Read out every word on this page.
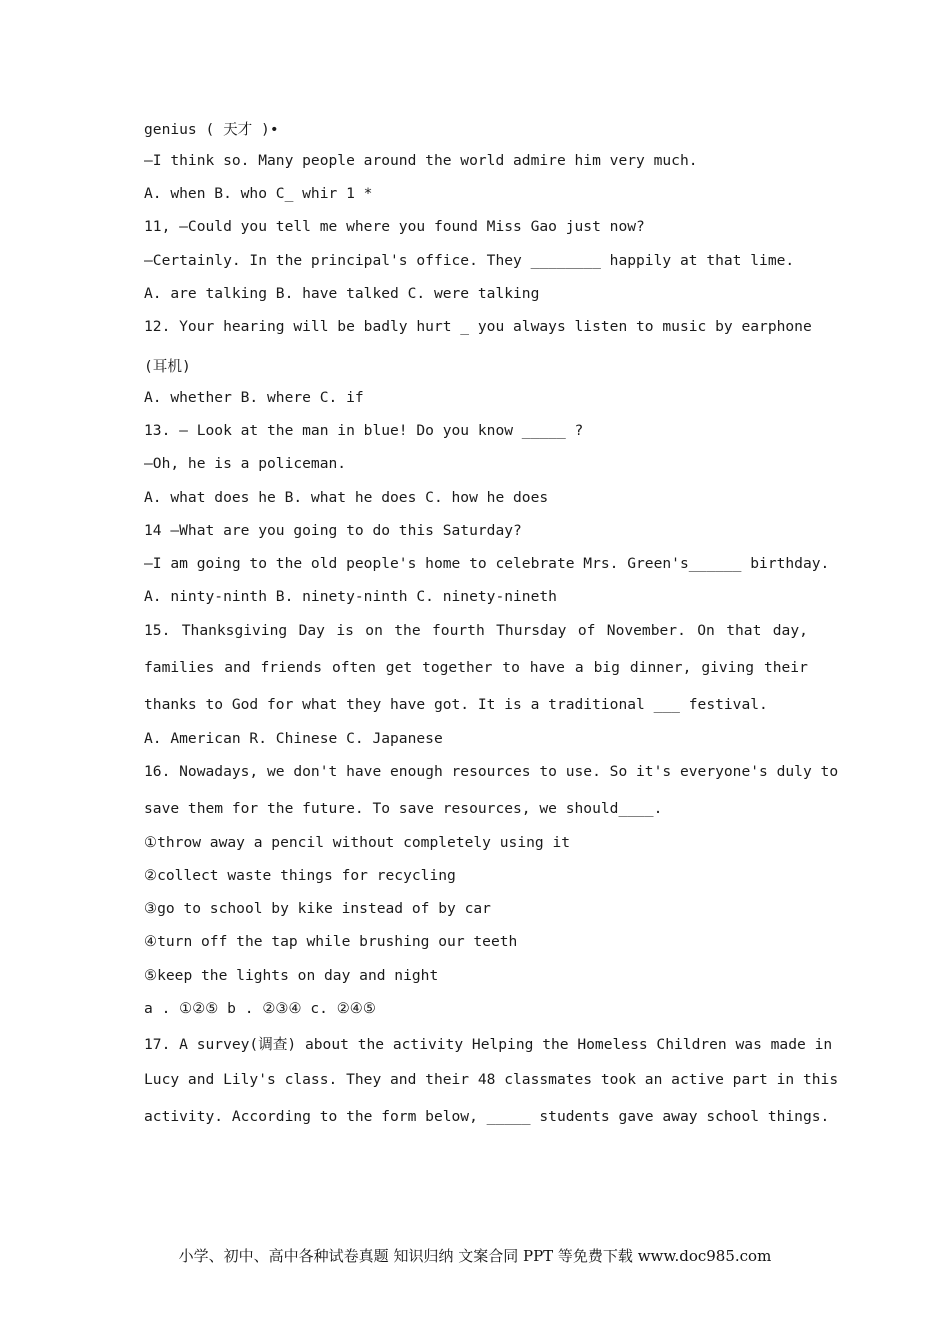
genius ( 天才 )•
—I think so. Many people around the world admire him very much.
A. when B. who C_ whir 1 *
11, —Could you tell me where you found Miss Gao just now?
—Certainly. In the principal's office. They ________ happily at that lime.
A. are talking B. have talked C. were talking
12. Your hearing will be badly hurt _ you always listen to music by earphone
(耳机)
A. whether B. where C. if
13. — Look at the man in blue! Do you know _____ ?
—Oh, he is a policeman.
A. what does he B. what he does C. how he does
14 —What are you going to do this Saturday?
—I am going to the old people's home to celebrate Mrs. Green's______ birthday.
A. ninty-ninth B. ninety-ninth C. ninety-nineth
15. Thanksgiving Day is on the fourth Thursday of November. On that day,
families and friends often get together to have a big dinner, giving their
thanks to God for what they have got. It is a traditional ___ festival.
A. American R. Chinese C. Japanese
16. Nowadays, we don't have enough resources to use. So it's everyone's duly to
save them for the future. To save resources, we should____.
①throw away a pencil without completely using it
②collect waste things for recycling
③go to school by kike instead of by car
④turn off the tap while brushing our teeth
⑤keep the lights on day and night
a . ①②⑤ b . ②③④ c. ②④⑤
17. A survey(调查) about the activity Helping the Homeless Children was made in
Lucy and Lily's class. They and their 48 classmates took an active part in this
activity. According to the form below, _____ students gave away school things.
小学、初中、高中各种试卷真题 知识归纳 文案合同 PPT 等免费下载 www.doc985.com
